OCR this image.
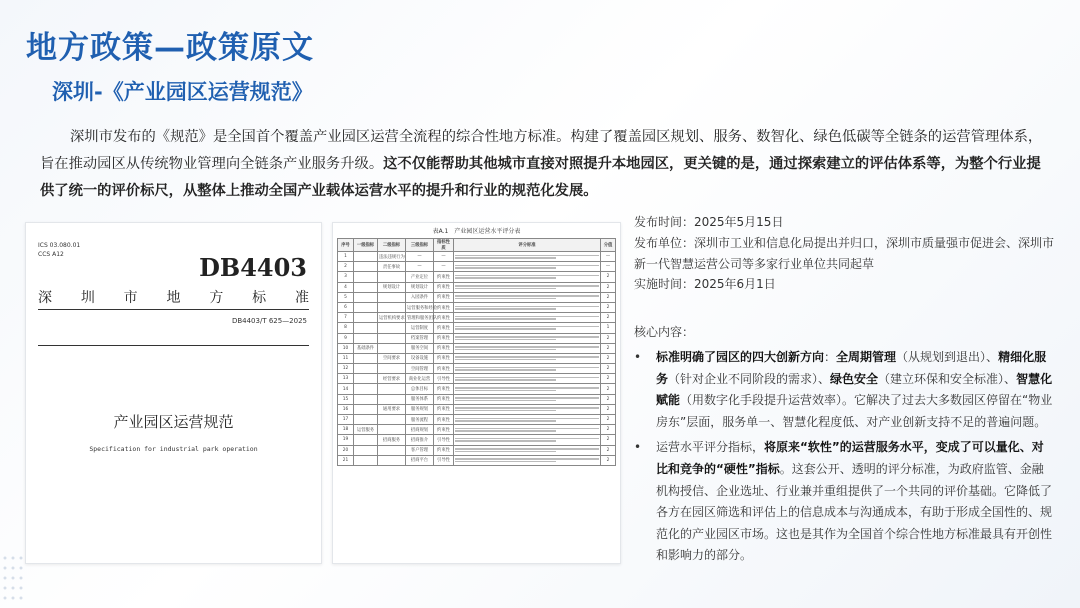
地方政策—政策原文
深圳-《产业园区运营规范》
深圳市发布的《规范》是全国首个覆盖产业园区运营全流程的综合性地方标准。构建了覆盖园区规划、服务、数智化、绿色低碳等全链条的运营管理体系，旨在推动园区从传统物业管理向全链条产业服务升级。这不仅能帮助其他城市直接对照提升本地园区，更关键的是，通过探索建立的评估体系等，为整个行业提供了统一的评价标尺，从整体上推动全国产业载体运营水平的提升和行业的规范化发展。
ICS 03.080.01
CCS A12	DB4403
深 圳 市 地 方 标 准
DB4403/T 625—2025
产业园区运营规范
Specification for industrial park operation
表A.1　产业园区运营水平评分表
序号	一级指标	二级指标	三级指标	指标性质	评分标准	分值
1		违法违规行为	—	—		—
2		责任事故	—	—		—
3			产业定位	约束性		2
4		规划设计	规划设计	约束性		2
5			入园条件	约束性		2
6			运营服务和经验	约束性		2
7		运营机构要求	管理和服务团队	约束性		2
8			运营制度	约束性		1
9			档案管理	约束性		2
10	基础条件		服务空间	约束性		2
11		空间要求	设备设施	约束性		2
12			空间管理	约束性		2
13		经营要求	商业化运营	引导性		2
14			总体目标	约束性		2
15			服务体系	约束性		2
16		通用要求	服务规划	约束性		2
17			服务流程	约束性		2
18	运营服务		招商规划	约束性		2
19		招商服务	招商推介	引导性		2
20			客户管理	约束性		2
21			招商平台	引导性		2

发布时间：2025年5月15日

发布单位：深圳市工业和信息化局提出并归口，深圳市质量强市促进会、深圳市新一代智慧运营公司等多家行业单位共同起草

实施时间：2025年6月1日

核心内容：
• 标准明确了园区的四大创新方向：全周期管理（从规划到退出）、精细化服务（针对企业不同阶段的需求）、绿色安全（建立环保和安全标准）、智慧化赋能（用数字化手段提升运营效率）。它解决了过去大多数园区停留在“物业房东”层面，服务单一、智慧化程度低、对产业创新支持不足的普遍问题。
• 运营水平评分指标，将原来“软性”的运营服务水平，变成了可以量化、对比和竞争的“硬性”指标。这套公开、透明的评分标准，为政府监管、金融机构授信、企业选址、行业兼并重组提供了一个共同的评价基础。它降低了各方在园区筛选和评估上的信息成本与沟通成本，有助于形成全国性的、规范化的产业园区市场。这也是其作为全国首个综合性地方标准最具有开创性和影响力的部分。
